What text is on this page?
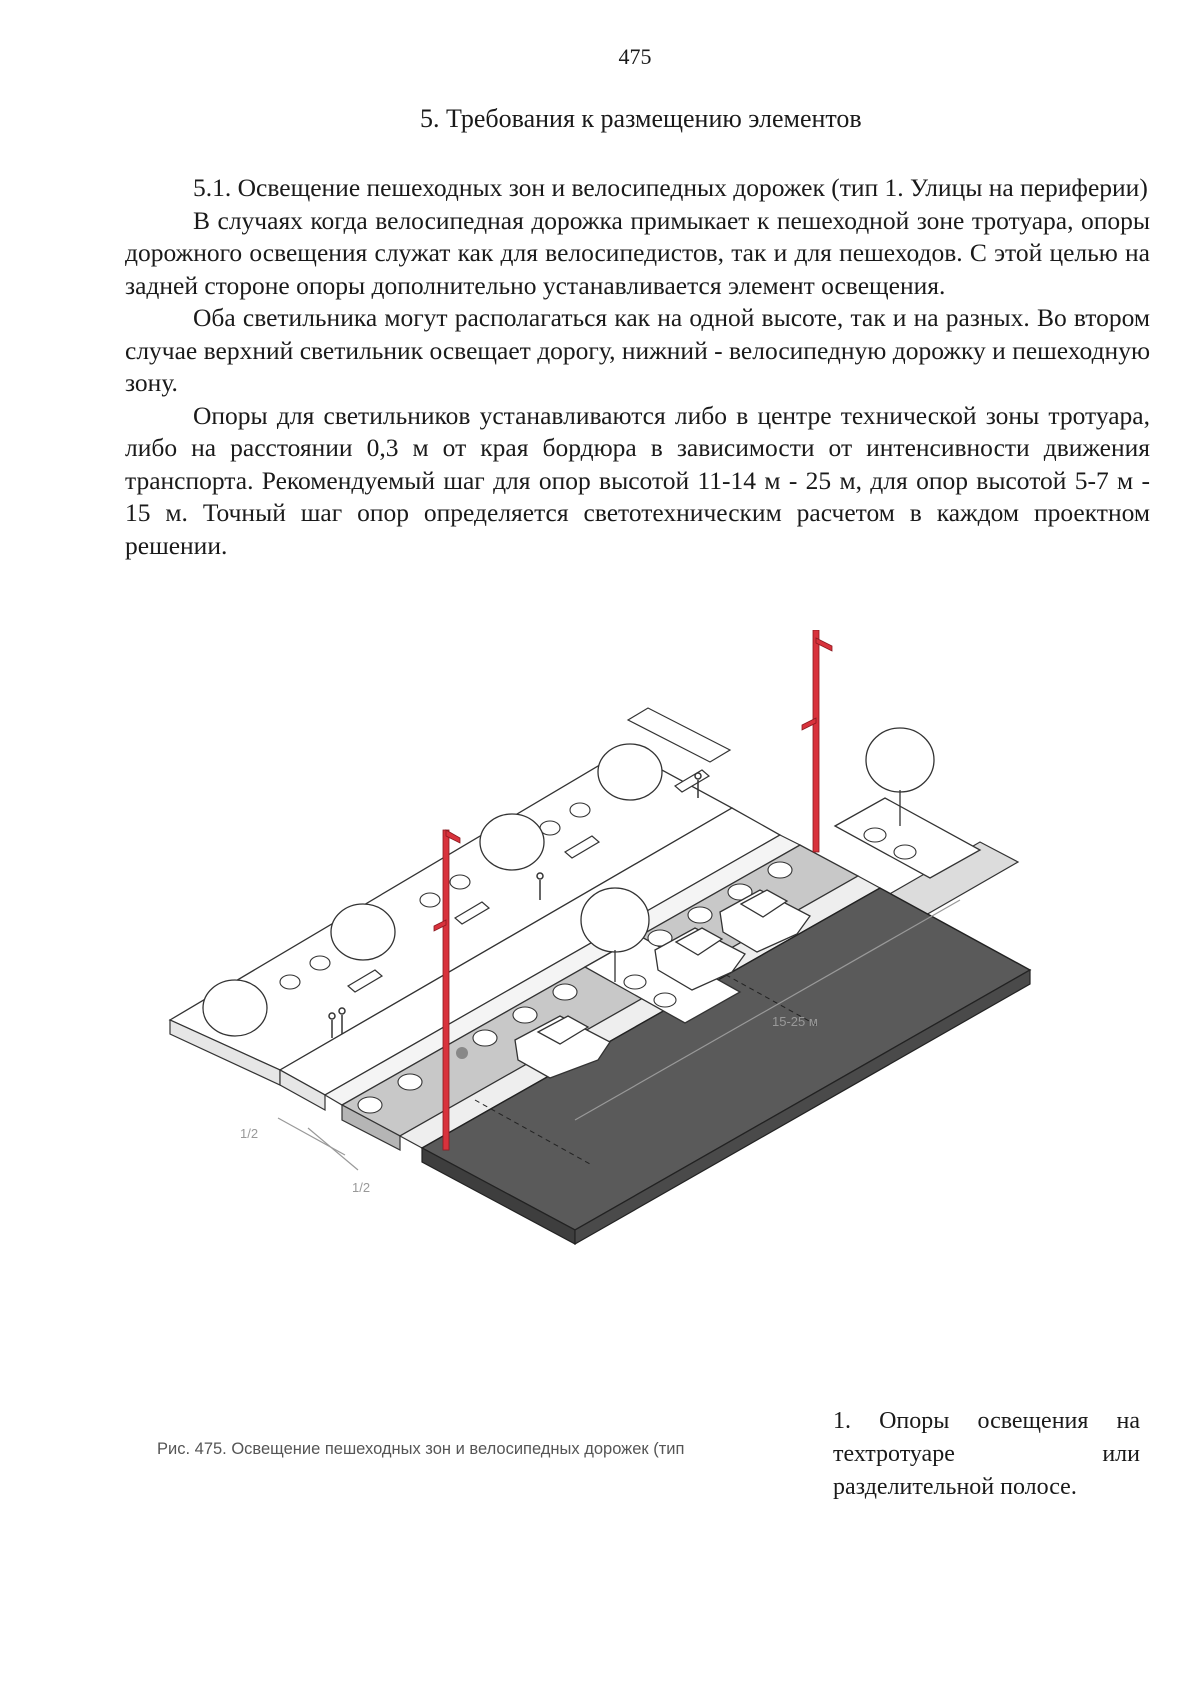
475
5. Требования к размещению элементов

5.1. Освещение пешеходных зон и велосипедных дорожек (тип 1. Улицы на периферии)

В случаях когда велосипедная дорожка примыкает к пешеходной зоне тротуара, опоры дорожного освещения служат как для велосипедистов, так и для пешеходов. С этой целью на задней стороне опоры дополнительно устанавливается элемент освещения.

Оба светильника могут располагаться как на одной высоте, так и на разных. Во втором случае верхний светильник освещает дорогу, нижний - велосипедную дорожку и пешеходную зону.

Опоры для светильников устанавливаются либо в центре технической зоны тротуара, либо на расстоянии 0,3 м от края бордюра в зависимости от интенсивности движения транспорта. Рекомендуемый шаг для опор высотой 11-14 м - 25 м, для опор высотой 5-7 м - 15 м. Точный шаг опор определяется светотехническим расчетом в каждом проектном решении.

15-25 м
1/2
1/2
Рис. 475. Освещение пешеходных зон и велосипедных дорожек (тип
1. Опоры освещения на
техтротуаре или
разделительной полосе.
